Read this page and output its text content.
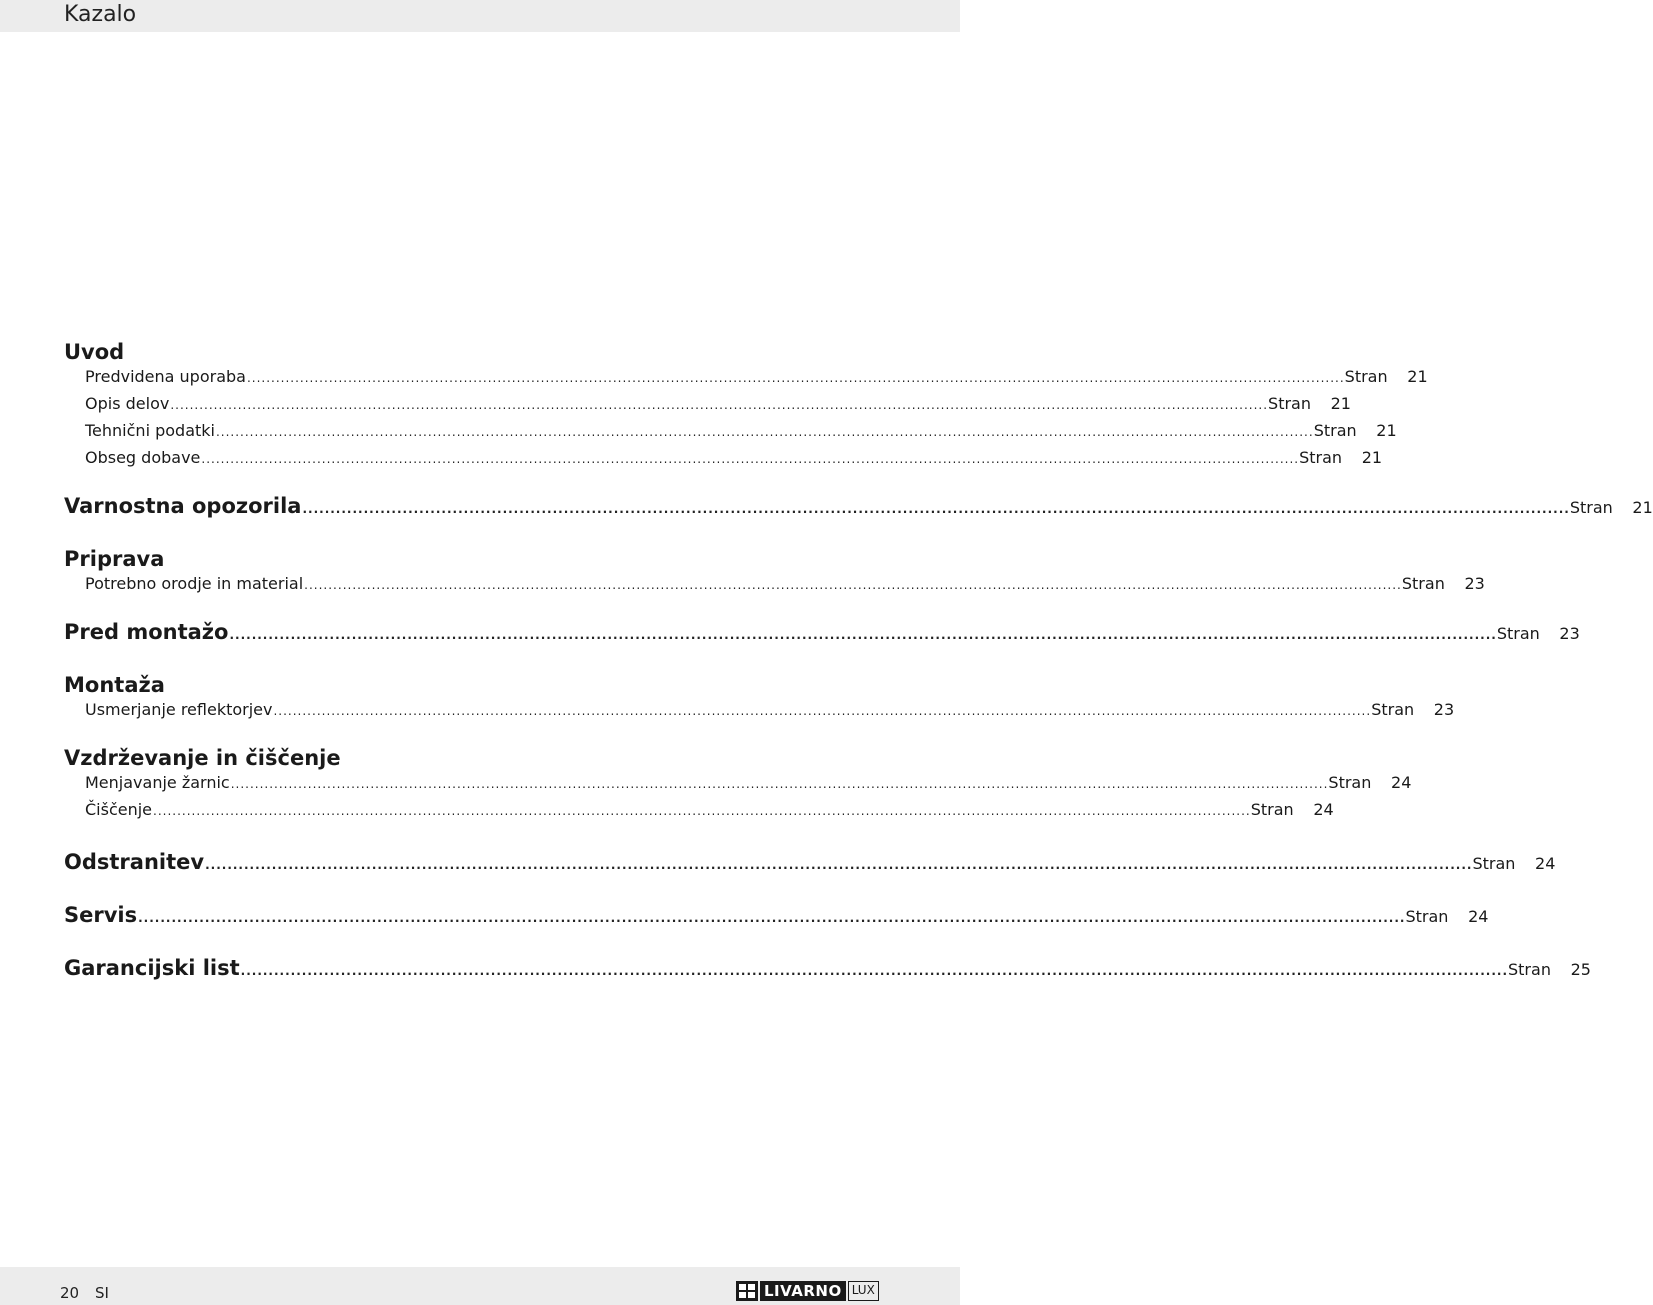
Kazalo
Uvod
Predvidena uporaba .................................................................................................................................................................................................................................... Stran 21
Opis delov .................................................................................................................................................................................................................................... Stran 21
Tehnični podatki .................................................................................................................................................................................................................................... Stran 21
Obseg dobave .................................................................................................................................................................................................................................... Stran 21
Varnostna opozorila .................................................................................................................................................................................................................................... Stran 21
Priprava
Potrebno orodje in material .................................................................................................................................................................................................................................... Stran 23
Pred montažo .................................................................................................................................................................................................................................... Stran 23
Montaža
Usmerjanje reflektorjev .................................................................................................................................................................................................................................... Stran 23
Vzdrževanje in čiščenje
Menjavanje žarnic .................................................................................................................................................................................................................................... Stran 24
Čiščenje .................................................................................................................................................................................................................................... Stran 24
Odstranitev .................................................................................................................................................................................................................................... Stran 24
Servis .................................................................................................................................................................................................................................... Stran 24
Garancijski list .................................................................................................................................................................................................................................... Stran 25
20 SI	LIVARNO LUX
